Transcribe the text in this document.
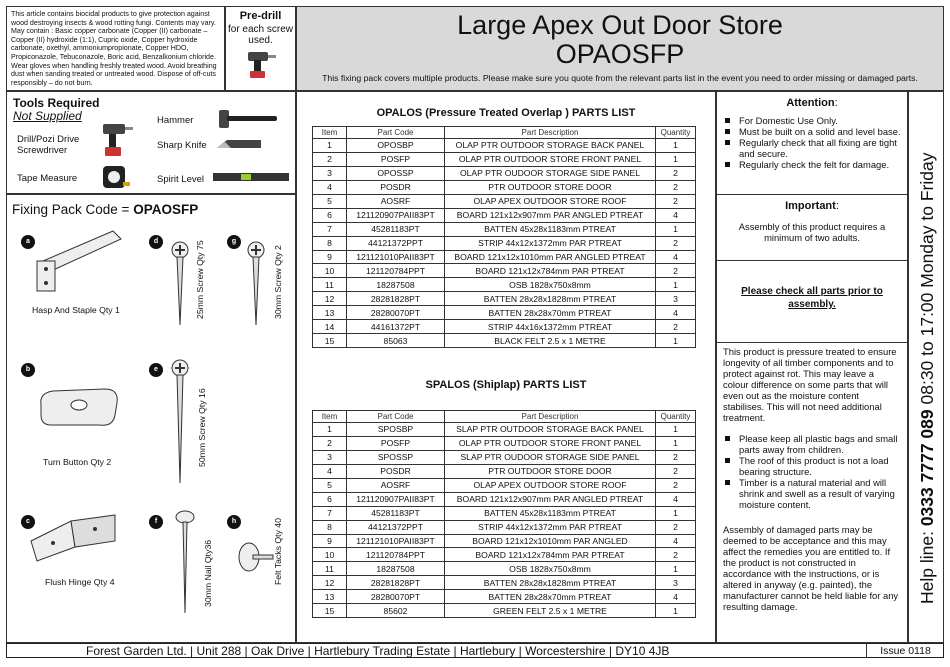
This article contains biocidal products to give protection against wood destroying insects & wood rotting fungi. Contents may vary. May contain : Basic copper carbonate (Copper (II) carbonate – Copper (II) hydroxide (1:1), Cupric oxide, Copper hydroxide carbonate, oxethyl, ammoniumpropionate, Copper HDO, Propiconazole, Tebuconazole, Boric acid, Benzalkonium chloride. Wear gloves when handling freshly treated wood. Avoid breathing dust when sanding treated or untreated wood. Dispose of off-cuts responsibly – do not burn.
Pre-drill
for each screw used.
Large Apex Out Door Store
OPAOSFP
This fixing pack covers multiple products. Please make sure you quote from the relevant parts list in the event you need to order missing or damaged parts.
Tools Required
Not Supplied
Drill/Pozi Drive Screwdriver
Tape Measure
Hammer
Sharp Knife
Spirit Level
Fixing Pack Code = OPAOSFP
a
Hasp And Staple Qty 1
b
Turn Button Qty 2
c
Flush Hinge Qty 4
d	25mm Screw Qty 75	g
30mm Screw Qty 2
e
50mm Screw Qty 16
f
30mm Nail Qty36
h	Felt Tacks Qty 40
OPALOS (Pressure Treated Overlap ) PARTS LIST
Item	Part Code	Part Description	Quantity
1	OPOSBP	OLAP PTR OUTDOOR STORAGE BACK PANEL	1
2	POSFP	OLAP PTR OUTDOOR STORE FRONT PANEL	1
3	OPOSSP	OLAP PTR OUDOOR STORAGE SIDE PANEL	2
4	POSDR	PTR OUTDOOR STORE DOOR	2
5	AOSRF	OLAP APEX OUTDOOR STORE ROOF	2
6	121120907PAII83PT	BOARD 121x12x907mm PAR ANGLED PTREAT	4
7	45281183PT	BATTEN 45x28x1183mm PTREAT	1
8	44121372PPT	STRIP 44x12x1372mm PAR PTREAT	2
9	121121010PAII83PT	BOARD 121x12x1010mm PAR ANGLED PTREAT	4
10	121120784PPT	BOARD 121x12x784mm PAR PTREAT	2
11	18287508	OSB 1828x750x8mm	1
12	28281828PT	BATTEN 28x28x1828mm PTREAT	3
13	28280070PT	BATTEN 28x28x70mm PTREAT	4
14	44161372PT	STRIP 44x16x1372mm PTREAT	2
15	85063	BLACK FELT 2.5 x 1 METRE	1
SPALOS (Shiplap) PARTS LIST
Item	Part Code	Part Description	Quantity
1	SPOSBP	SLAP PTR OUTDOOR STORAGE BACK PANEL	1
2	POSFP	OLAP PTR OUTDOOR STORE FRONT PANEL	1
3	SPOSSP	SLAP PTR OUDOOR STORAGE SIDE PANEL	2
4	POSDR	PTR OUTDOOR STORE DOOR	2
5	AOSRF	OLAP APEX OUTDOOR STORE ROOF	2
6	121120907PAII83PT	BOARD 121x12x907mm PAR ANGLED PTREAT	4
7	45281183PT	BATTEN 45x28x1183mm PTREAT	1
8	44121372PPT	STRIP 44x12x1372mm PAR PTREAT	2
9	121121010PAII83PT	BOARD 121x12x1010mm PAR ANGLED	4
10	121120784PPT	BOARD 121x12x784mm PAR PTREAT	2
11	18287508	OSB 1828x750x8mm	1
12	28281828PT	BATTEN 28x28x1828mm PTREAT	3
13	28280070PT	BATTEN 28x28x70mm PTREAT	4
15	85602	GREEN FELT 2.5 x 1 METRE	1
Attention:
For Domestic Use Only.
Must be built on a solid and level base.
Regularly check that all fixing are tight and secure.
Regularly check the felt for damage.
Important:
Assembly of this product requires a minimum of two adults.
Please check all parts prior to assembly.
This product is pressure treated to ensure longevity of all timber components and to protect against rot. This may leave a colour difference on some parts that will even out as the moisture content stabilises. This will not need additional treatment.
Please keep all plastic bags and small parts away from children.
The roof of this product is not a load bearing structure.
Timber is a natural material and will shrink and swell as a result of varying moisture content.
Assembly of damaged parts may be deemed to be acceptance and this may affect the remedies you are entitled to. If the product is not constructed in accordance with the instructions, or is altered in anyway (e.g. painted), the manufacturer cannot be held liable for any resulting damage.
Help line: 0333 7777 089 08:30 to 17:00 Monday to Friday
Forest Garden Ltd. | Unit 288 | Oak Drive | Hartlebury Trading Estate | Hartlebury | Worcestershire | DY10 4JB	Issue 0118
